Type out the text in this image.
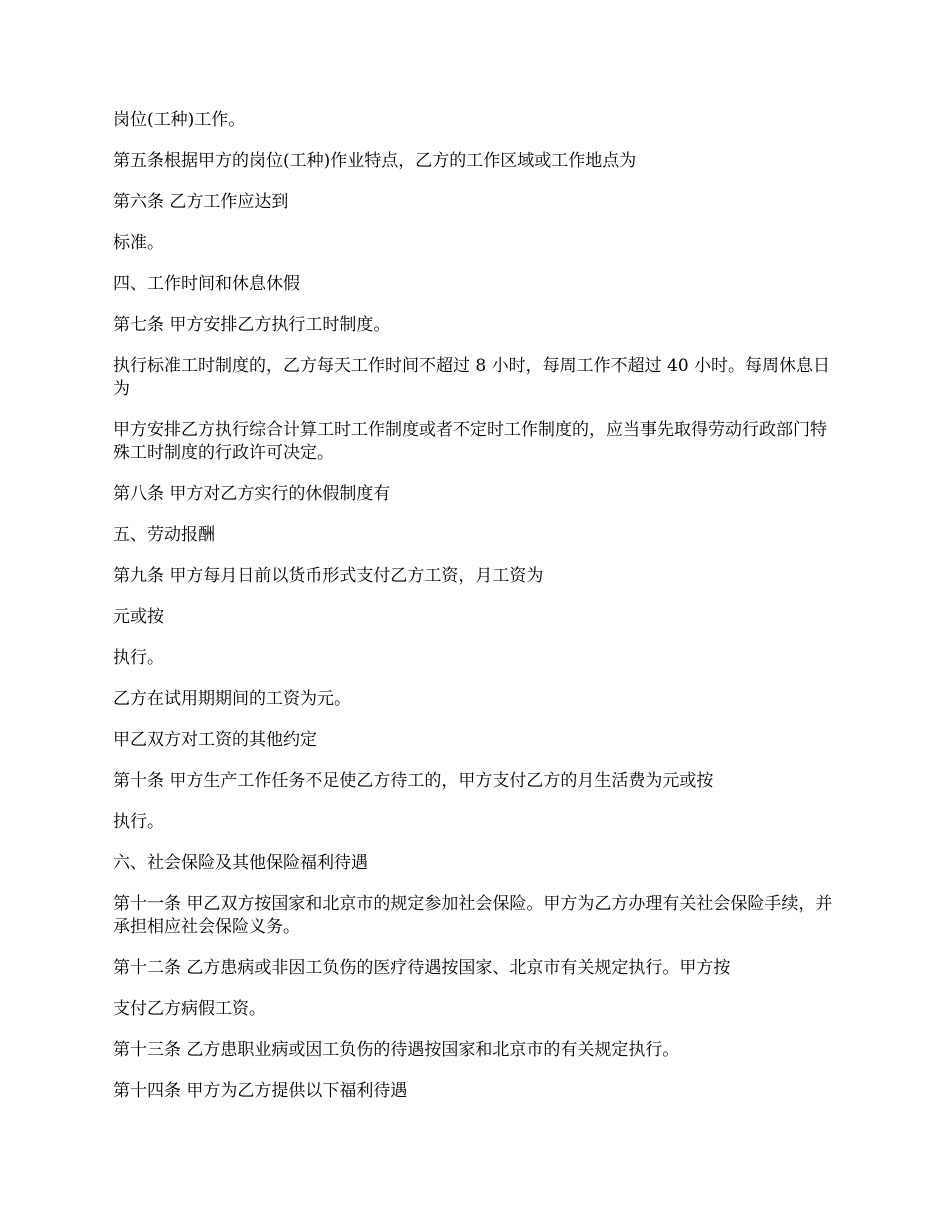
岗位(工种)工作。

第五条根据甲方的岗位(工种)作业特点，乙方的工作区域或工作地点为

第六条 乙方工作应达到

标准。

四、工作时间和休息休假

第七条 甲方安排乙方执行工时制度。

执行标准工时制度的，乙方每天工作时间不超过 8 小时，每周工作不超过 40 小时。每周休息日为

甲方安排乙方执行综合计算工时工作制度或者不定时工作制度的，应当事先取得劳动行政部门特殊工时制度的行政许可决定。

第八条 甲方对乙方实行的休假制度有

五、劳动报酬

第九条 甲方每月日前以货币形式支付乙方工资，月工资为

元或按

执行。

乙方在试用期期间的工资为元。

甲乙双方对工资的其他约定

第十条 甲方生产工作任务不足使乙方待工的，甲方支付乙方的月生活费为元或按

执行。

六、社会保险及其他保险福利待遇

第十一条 甲乙双方按国家和北京市的规定参加社会保险。甲方为乙方办理有关社会保险手续，并承担相应社会保险义务。

第十二条 乙方患病或非因工负伤的医疗待遇按国家、北京市有关规定执行。甲方按

支付乙方病假工资。

第十三条 乙方患职业病或因工负伤的待遇按国家和北京市的有关规定执行。

第十四条 甲方为乙方提供以下福利待遇
